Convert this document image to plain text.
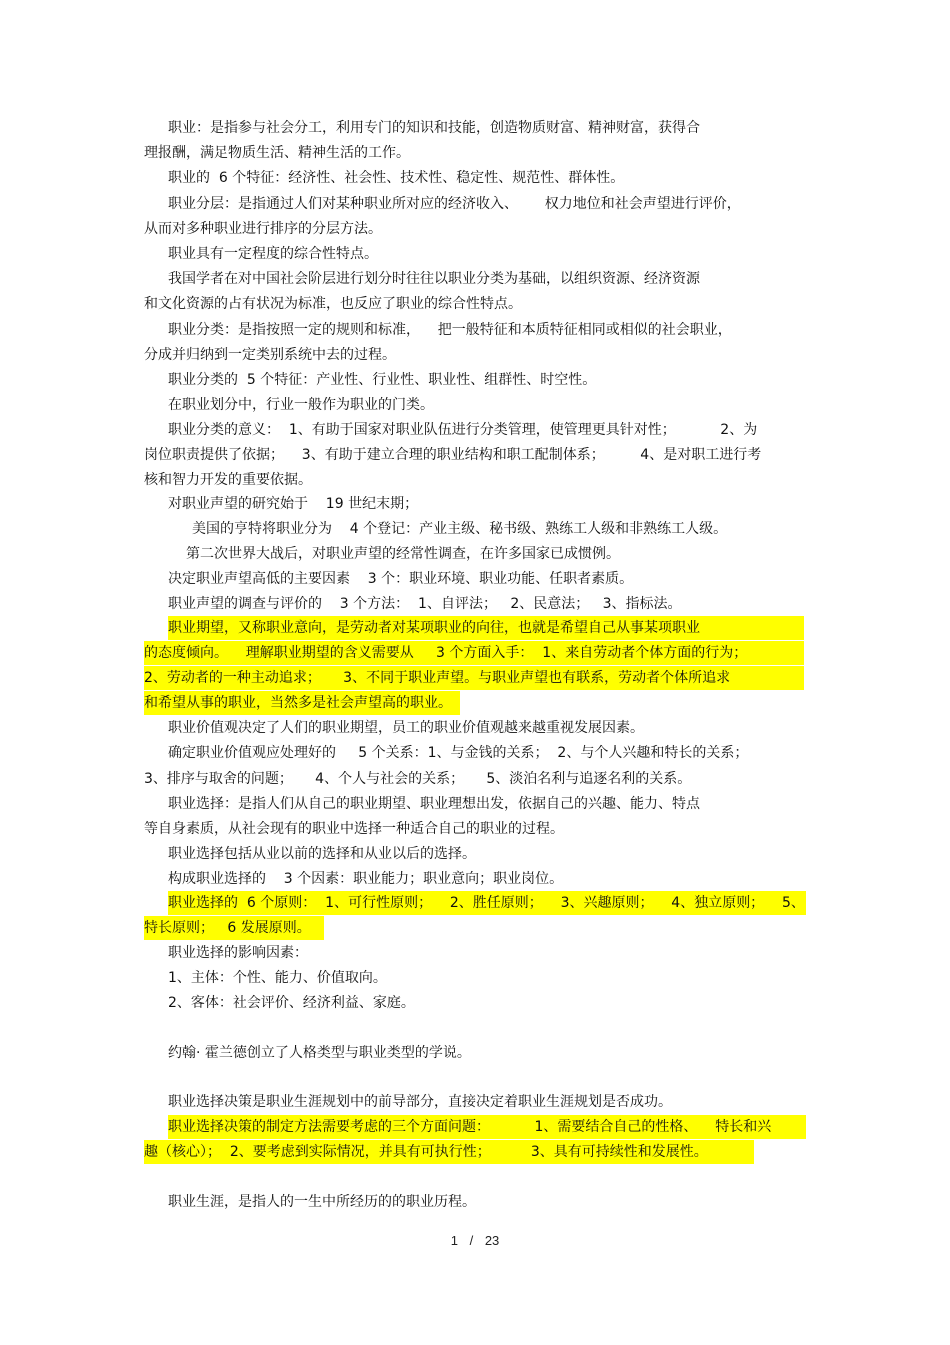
职业：是指参与社会分工，利用专门的知识和技能，创造物质财富、精神财富，获得合
理报酬，满足物质生活、精神生活的工作。
职业的  6 个特征：经济性、社会性、技术性、稳定性、规范性、群体性。
职业分层：是指通过人们对某种职业所对应的经济收入、      权力地位和社会声望进行评价，
从而对多种职业进行排序的分层方法。
职业具有一定程度的综合性特点。
我国学者在对中国社会阶层进行划分时往往以职业分类为基础，以组织资源、经济资源
和文化资源的占有状况为标准，也反应了职业的综合性特点。
职业分类：是指按照一定的规则和标准，    把一般特征和本质特征相同或相似的社会职业，
分成并归纳到一定类别系统中去的过程。
职业分类的  5 个特征：产业性、行业性、职业性、组群性、时空性。
在职业划分中，行业一般作为职业的门类。
职业分类的意义：  1、有助于国家对职业队伍进行分类管理，使管理更具针对性；          2、为
岗位职责提供了依据；    3、有助于建立合理的职业结构和职工配制体系；        4、是对职工进行考
核和智力开发的重要依据。
对职业声望的研究始于    19 世纪末期；
美国的亨特将职业分为    4 个登记：产业主级、秘书级、熟练工人级和非熟练工人级。
第二次世界大战后，对职业声望的经常性调查，在许多国家已成惯例。
决定职业声望高低的主要因素    3 个：职业环境、职业功能、任职者素质。
职业声望的调查与评价的    3 个方法：  1、自评法；   2、民意法；   3、指标法。
职业期望，又称职业意向，是劳动者对某项职业的向往，也就是希望自己从事某项职业
的态度倾向。    理解职业期望的含义需要从     3 个方面入手：  1、来自劳动者个体方面的行为；
2、劳动者的一种主动追求；     3、不同于职业声望。与职业声望也有联系，劳动者个体所追求
和希望从事的职业，当然多是社会声望高的职业。
职业价值观决定了人们的职业期望，员工的职业价值观越来越重视发展因素。
确定职业价值观应处理好的     5 个关系：1、与金钱的关系；  2、与个人兴趣和特长的关系；
3、排序与取舍的问题；     4、个人与社会的关系；     5、淡泊名利与追逐名利的关系。
职业选择：是指人们从自己的职业期望、职业理想出发，依据自己的兴趣、能力、特点
等自身素质，从社会现有的职业中选择一种适合自己的职业的过程。
职业选择包括从业以前的选择和从业以后的选择。
构成职业选择的    3 个因素：职业能力；职业意向；职业岗位。
职业选择的  6 个原则：  1、可行性原则；    2、胜任原则；    3、兴趣原则；    4、独立原则；    5、
特长原则；   6 发展原则。
职业选择的影响因素：
1、主体：个性、能力、价值取向。
2、客体：社会评价、经济利益、家庭。
约翰· 霍兰德创立了人格类型与职业类型的学说。
职业选择决策是职业生涯规划中的前导部分，直接决定着职业生涯规划是否成功。
职业选择决策的制定方法需要考虑的三个方面问题：          1、需要结合自己的性格、    特长和兴
趣（核心）；  2、要考虑到实际情况，并具有可执行性；         3、具有可持续性和发展性。
职业生涯，是指人的一生中所经历的的职业历程。
1 / 23
